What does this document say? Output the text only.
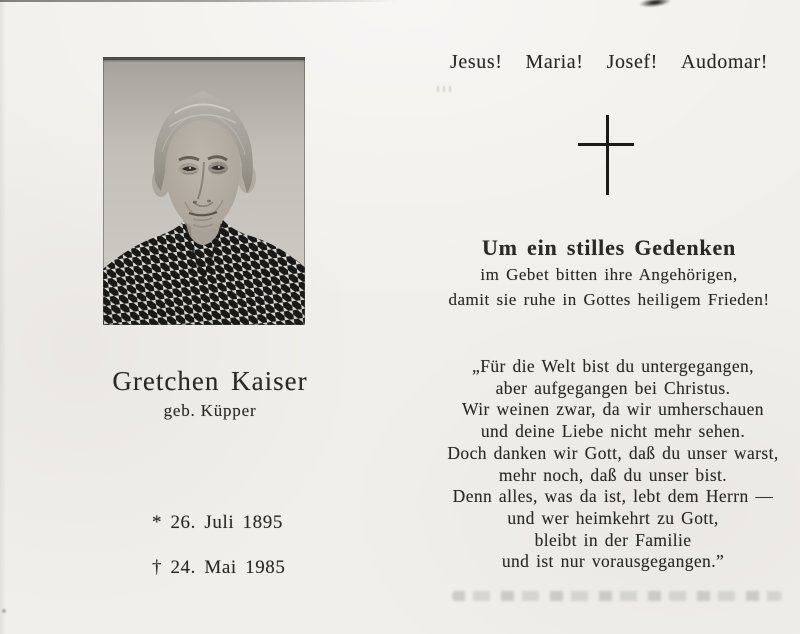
Gretchen Kaiser
geb. Küpper
* 26. Juli 1895
† 24. Mai 1985
Jesus! Maria! Josef! Audomar!
Um ein stilles Gedenken
im Gebet bitten ihre Angehörigen,
damit sie ruhe in Gottes heiligem Frieden!
„Für die Welt bist du untergegangen,
aber aufgegangen bei Christus.
Wir weinen zwar, da wir umherschauen
und deine Liebe nicht mehr sehen.
Doch danken wir Gott, daß du unser warst,
mehr noch, daß du unser bist.
Denn alles, was da ist, lebt dem Herrn —
und wer heimkehrt zu Gott,
bleibt in der Familie
und ist nur vorausgegangen.”
